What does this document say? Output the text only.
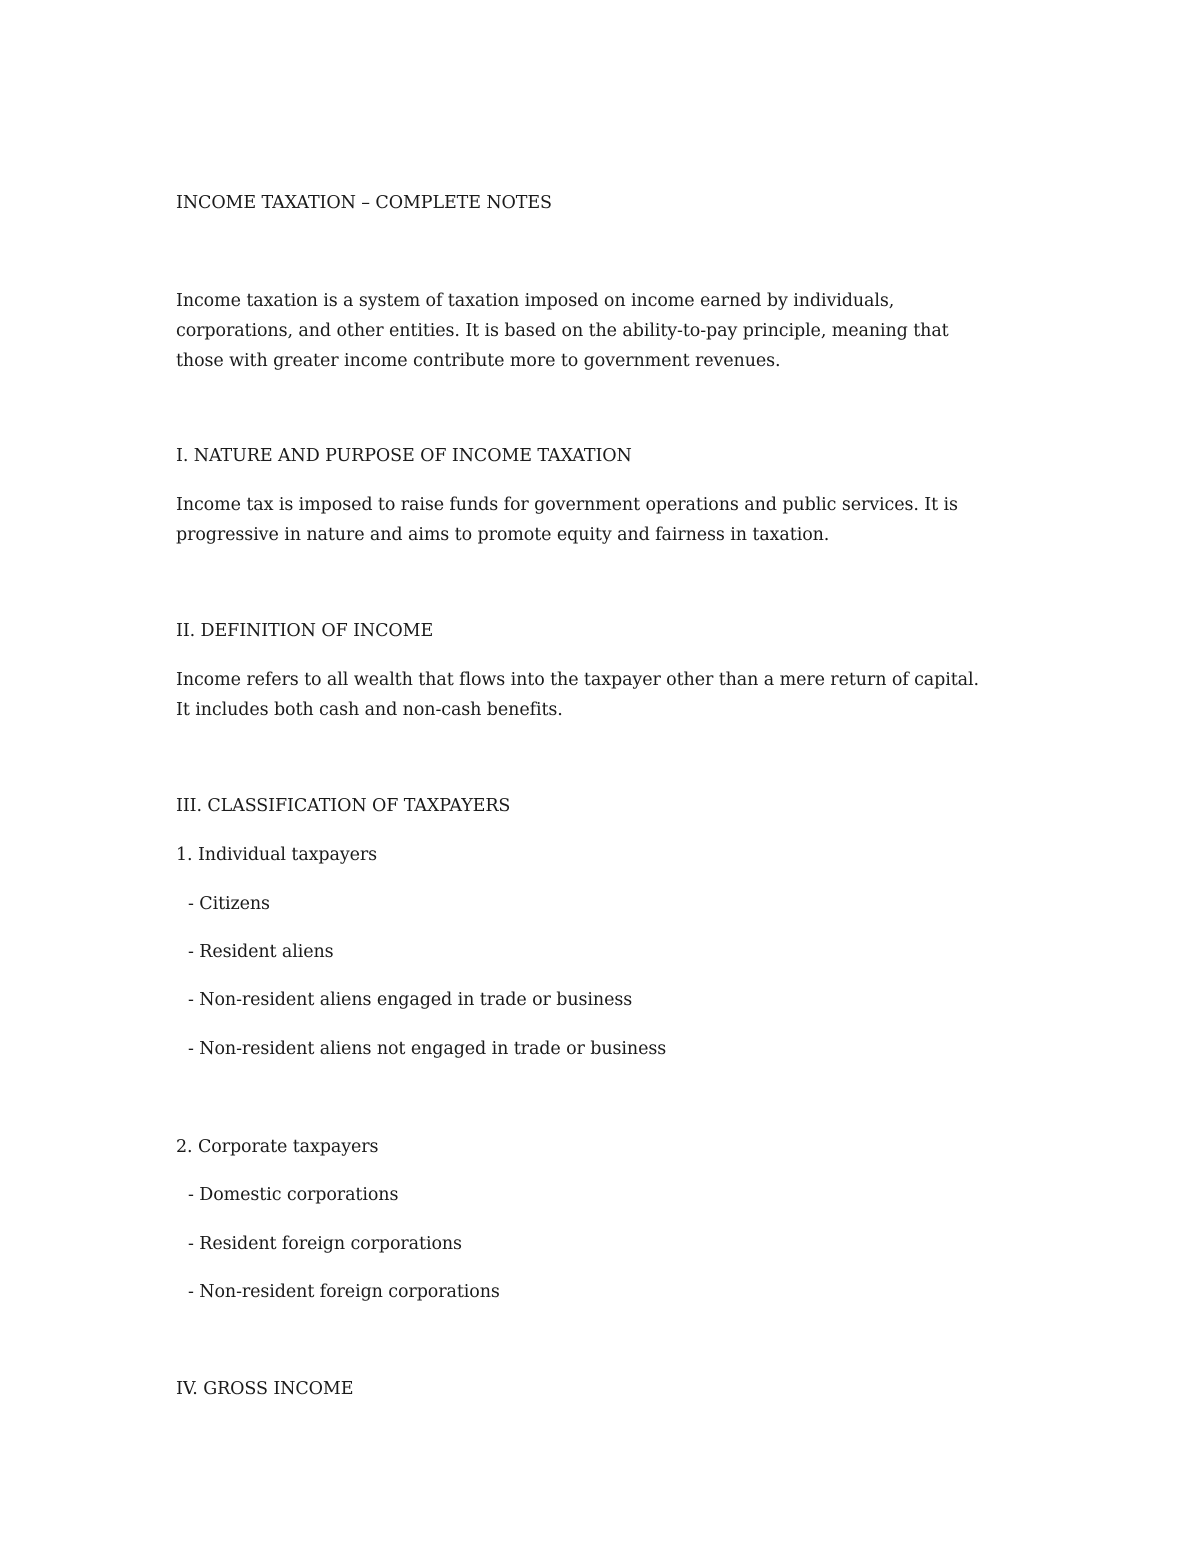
INCOME TAXATION – COMPLETE NOTES

Income taxation is a system of taxation imposed on income earned by individuals,
corporations, and other entities. It is based on the ability-to-pay principle, meaning that
those with greater income contribute more to government revenues.

I. NATURE AND PURPOSE OF INCOME TAXATION

Income tax is imposed to raise funds for government operations and public services. It is
progressive in nature and aims to promote equity and fairness in taxation.

II. DEFINITION OF INCOME

Income refers to all wealth that flows into the taxpayer other than a mere return of capital.
It includes both cash and non-cash benefits.

III. CLASSIFICATION OF TAXPAYERS

1. Individual taxpayers

- Citizens

- Resident aliens

- Non-resident aliens engaged in trade or business

- Non-resident aliens not engaged in trade or business

2. Corporate taxpayers

- Domestic corporations

- Resident foreign corporations

- Non-resident foreign corporations

IV. GROSS INCOME
